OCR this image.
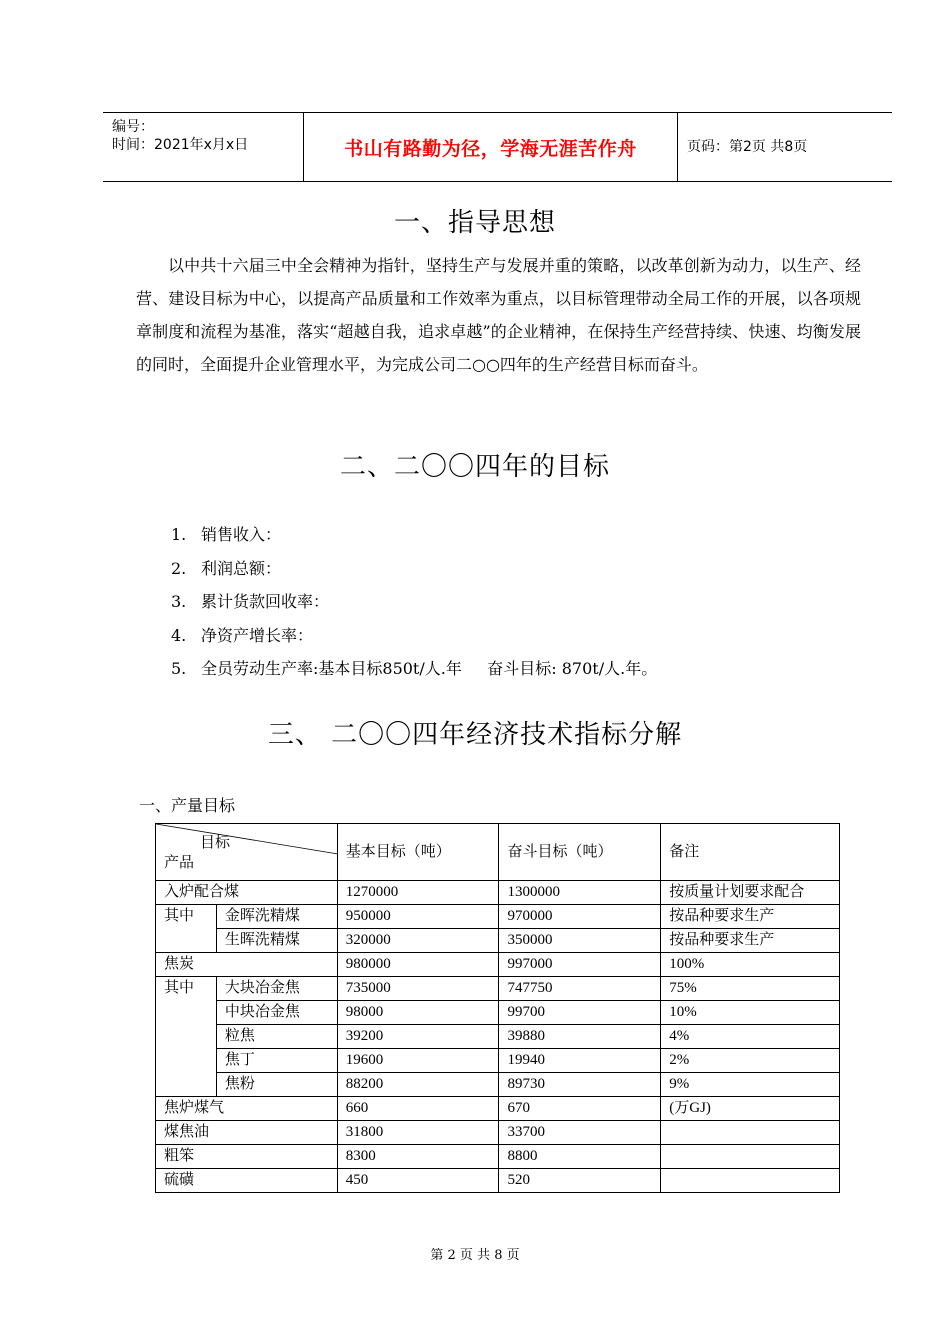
编号：
时间：2021年x月x日	书山有路勤为径，学海无涯苦作舟	页码：第2页 共8页
一、指导思想

以中共十六届三中全会精神为指针，坚持生产与发展并重的策略，以改革创新为动力，以生产、经营、建设目标为中心，以提高产品质量和工作效率为重点，以目标管理带动全局工作的开展，以各项规章制度和流程为基准，落实“超越自我，追求卓越”的企业精神，在保持生产经营持续、快速、均衡发展的同时，全面提升企业管理水平，为完成公司二○○四年的生产经营目标而奋斗。

二、二〇〇四年的目标
1. 销售收入：
2. 利润总额：
3. 累计货款回收率：
4. 净资产增长率：
5. 全员劳动生产率:基本目标850t/人.年     奋斗目标: 870t/人.年。
三、 二〇〇四年经济技术指标分解
一、产量目标
目标
产品		基本目标（吨）	奋斗目标（吨）	备注
入炉配合煤		1270000	1300000	按质量计划要求配合
其中	金晖洗精煤	950000	970000	按品种要求生产
	生晖洗精煤	320000	350000	按品种要求生产
焦炭		980000	997000	100%
其中	大块冶金焦	735000	747750	75%
	中块冶金焦	98000	99700	10%
	粒焦	39200	39880	4%
	焦丁	19600	19940	2%
	焦粉	88200	89730	9%
焦炉煤气		660	670	(万GJ)
煤焦油		31800	33700	
粗笨		8300	8800	
硫磺		450	520	
第 2 页 共 8 页
